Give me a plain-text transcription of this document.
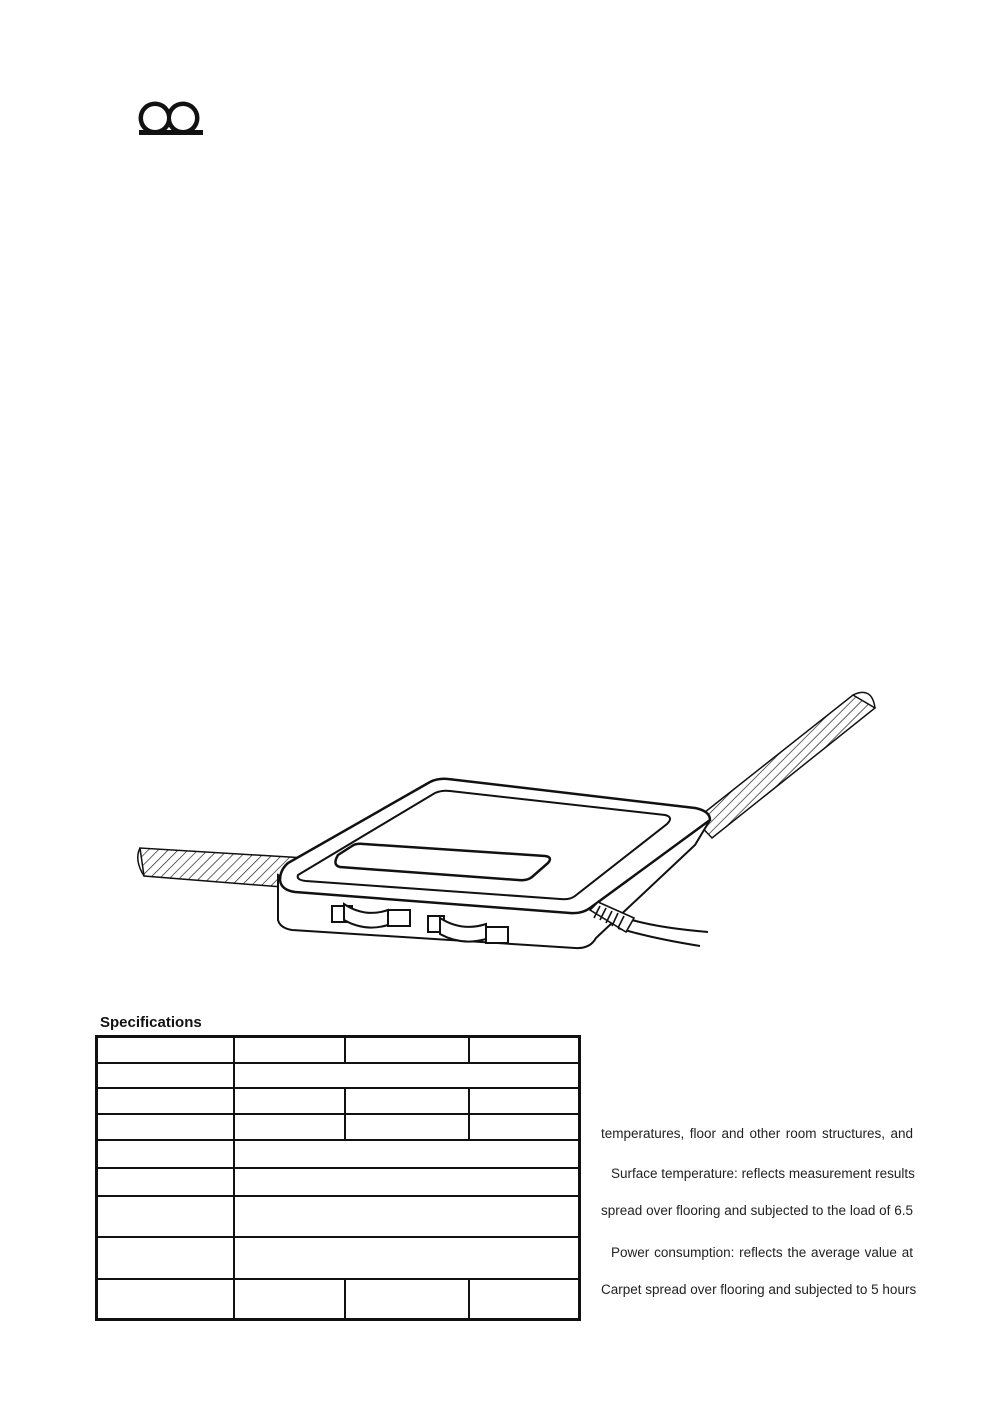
Specifications

temperatures, floor and other room structures, and

Surface temperature: reflects measurement results

spread over flooring and subjected to the load of 6.5

Power consumption: reflects the average value at

Carpet spread over flooring and subjected to 5 hours
